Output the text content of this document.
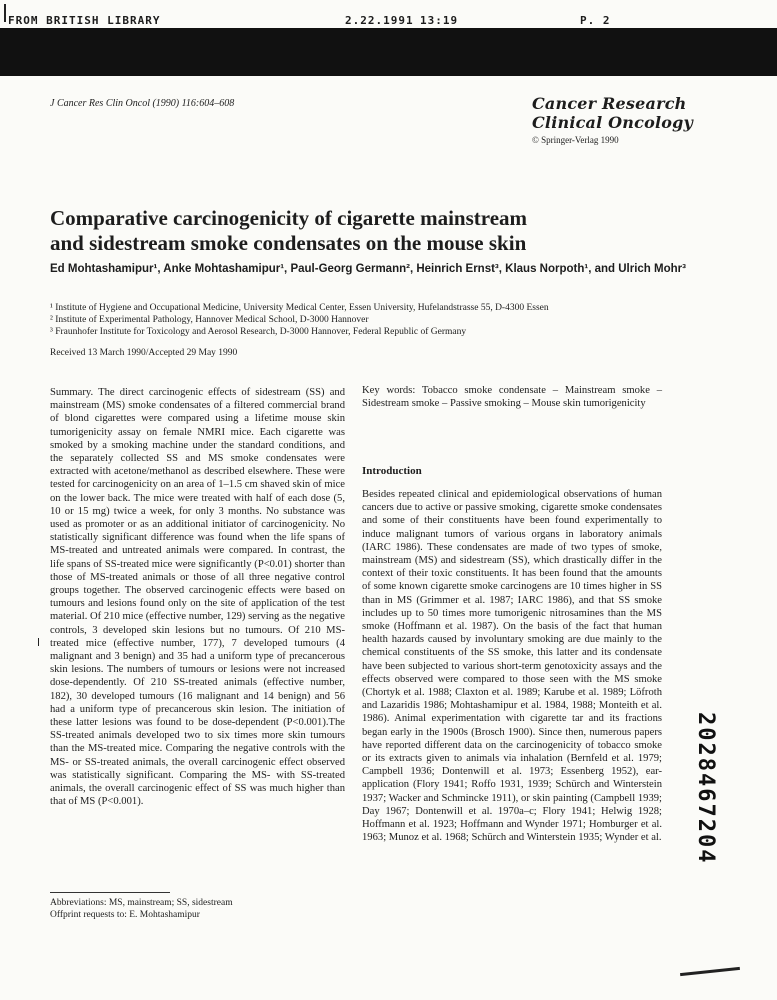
FROM BRITISH LIBRARY	2.22.1991 13:19	P. 2
J Cancer Res Clin Oncol (1990) 116:604–608	Cancer Research
Clinical Oncology
© Springer-Verlag 1990
Comparative carcinogenicity of cigarette mainstream
and sidestream smoke condensates on the mouse skin
Ed Mohtashamipur¹, Anke Mohtashamipur¹, Paul-Georg Germann², Heinrich Ernst³, Klaus Norpoth¹, and Ulrich Mohr³
¹ Institute of Hygiene and Occupational Medicine, University Medical Center, Essen University, Hufelandstrasse 55, D-4300 Essen
² Institute of Experimental Pathology, Hannover Medical School, D-3000 Hannover
³ Fraunhofer Institute for Toxicology and Aerosol Research, D-3000 Hannover, Federal Republic of Germany
Received 13 March 1990/Accepted 29 May 1990

Summary. The direct carcinogenic effects of sidestream (SS) and mainstream (MS) smoke condensates of a filtered commercial brand of blond cigarettes were compared using a lifetime mouse skin tumorigenicity assay on female NMRI mice. Each cigarette was smoked by a smoking machine under the standard conditions, and the separately collected SS and MS smoke condensates were extracted with acetone/methanol as described elsewhere. These were tested for carcinogenicity on an area of 1–1.5 cm shaved skin of mice on the lower back. The mice were treated with half of each dose (5, 10 or 15 mg) twice a week, for only 3 months. No substance was used as promoter or as an additional initiator of carcinogenicity. No statistically significant difference was found when the life spans of MS-treated and untreated animals were compared. In contrast, the life spans of SS-treated mice were significantly (P<0.01) shorter than those of MS-treated animals or those of all three negative control groups together. The observed carcinogenic effects were based on tumours and lesions found only on the site of application of the test material. Of 210 mice (effective number, 129) serving as the negative controls, 3 developed skin lesions but no tumours. Of 210 MS-treated mice (effective number, 177), 7 developed tumours (4 malignant and 3 benign) and 35 had a uniform type of precancerous skin lesions. The numbers of tumours or lesions were not increased dose-dependently. Of 210 SS-treated animals (effective number, 182), 30 developed tumours (16 malignant and 14 benign) and 56 had a uniform type of precancerous skin lesion. The initiation of these latter lesions was found to be dose-dependent (P<0.001).The SS-treated animals developed two to six times more skin tumours than the MS-treated mice. Comparing the negative controls with the MS- or SS-treated animals, the overall carcinogenic effect observed was statistically significant. Comparing the MS- with SS-treated animals, the overall carcinogenic effect of SS was much higher than that of MS (P<0.001).

Key words: Tobacco smoke condensate – Mainstream smoke – Sidestream smoke – Passive smoking – Mouse skin tumorigenicity
Introduction

Besides repeated clinical and epidemiological observations of human cancers due to active or passive smoking, cigarette smoke condensates and some of their constituents have been found experimentally to induce malignant tumors of various organs in laboratory animals (IARC 1986). These condensates are made of two types of smoke, mainstream (MS) and sidestream (SS), which drastically differ in the context of their toxic constituents. It has been found that the amounts of some known cigarette smoke carcinogens are 10 times higher in SS than in MS (Grimmer et al. 1987; IARC 1986), and that SS smoke includes up to 50 times more tumorigenic nitrosamines than the MS smoke (Hoffmann et al. 1987). On the basis of the fact that human health hazards caused by involuntary smoking are due mainly to the chemical constituents of the SS smoke, this latter and its condensate have been subjected to various short-term genotoxicity assays and the effects observed were compared to those seen with the MS smoke (Chortyk et al. 1988; Claxton et al. 1989; Karube et al. 1989; Löfroth and Lazaridis 1986; Mohtashamipur et al. 1984, 1988; Monteith et al. 1986). Animal experimentation with cigarette tar and its fractions began early in the 1900s (Brosch 1900). Since then, numerous papers have reported different data on the carcinogenicity of tobacco smoke or its extracts given to animals via inhalation (Bernfeld et al. 1979; Campbell 1936; Dontenwill et al. 1973; Essenberg 1952), ear-application (Flory 1941; Roffo 1931, 1939; Schürch and Winterstein 1937; Wacker and Schmincke 1911), or skin painting (Campbell 1939; Day 1967; Dontenwill et al. 1970a–c; Flory 1941; Helwig 1928; Hoffmann et al. 1923; Hoffmann and Wynder 1971; Homburger et al. 1963; Munoz et al. 1968; Schürch and Winterstein 1935; Wynder et al.

Abbreviations: MS, mainstream; SS, sidestream
Offprint requests to: E. Mohtashamipur
2028467204
